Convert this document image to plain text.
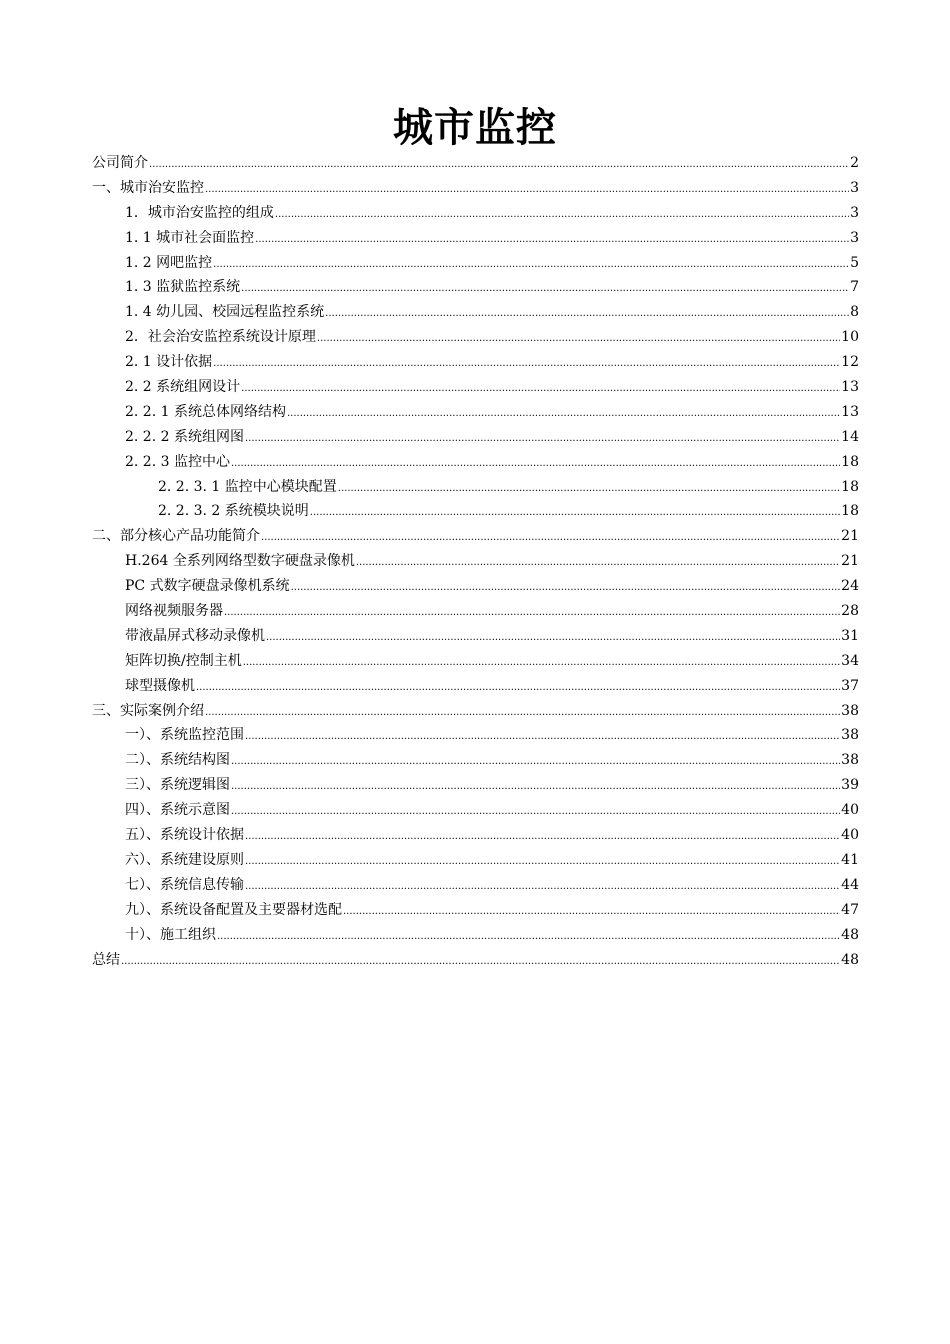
城市监控
公司简介 .....	2
一、城市治安监控 .....	3
1．城市治安监控的组成 .....	3
1. 1 城市社会面监控 .....	3
1. 2 网吧监控 .....	5
1. 3 监狱监控系统 .....	7
1. 4 幼儿园、校园远程监控系统 .....	8
2．社会治安监控系统设计原理 .....	10
2. 1 设计依据 .....	12
2. 2 系统组网设计 .....	13
2. 2. 1 系统总体网络结构 .....	13
2. 2. 2 系统组网图 .....	14
2. 2. 3 监控中心 .....	18
2. 2. 3. 1 监控中心模块配置 .....	18
2. 2. 3. 2 系统模块说明 .....	18
二、部分核心产品功能简介 .....	21
H.264 全系列网络型数字硬盘录像机 .....	21
PC 式数字硬盘录像机系统 .....	24
网络视频服务器 .....	28
带液晶屏式移动录像机 .....	31
矩阵切换/控制主机 .....	34
球型摄像机 .....	37
三、实际案例介绍 .....	38
一）、系统监控范围 .....	38
二）、系统结构图 .....	38
三）、系统逻辑图 .....	39
四）、系统示意图 .....	40
五）、系统设计依据 .....	40
六）、系统建设原则 .....	41
七）、系统信息传输 .....	44
九）、系统设备配置及主要器材选配 .....	47
十）、施工组织 .....	48
总结 .....	48
